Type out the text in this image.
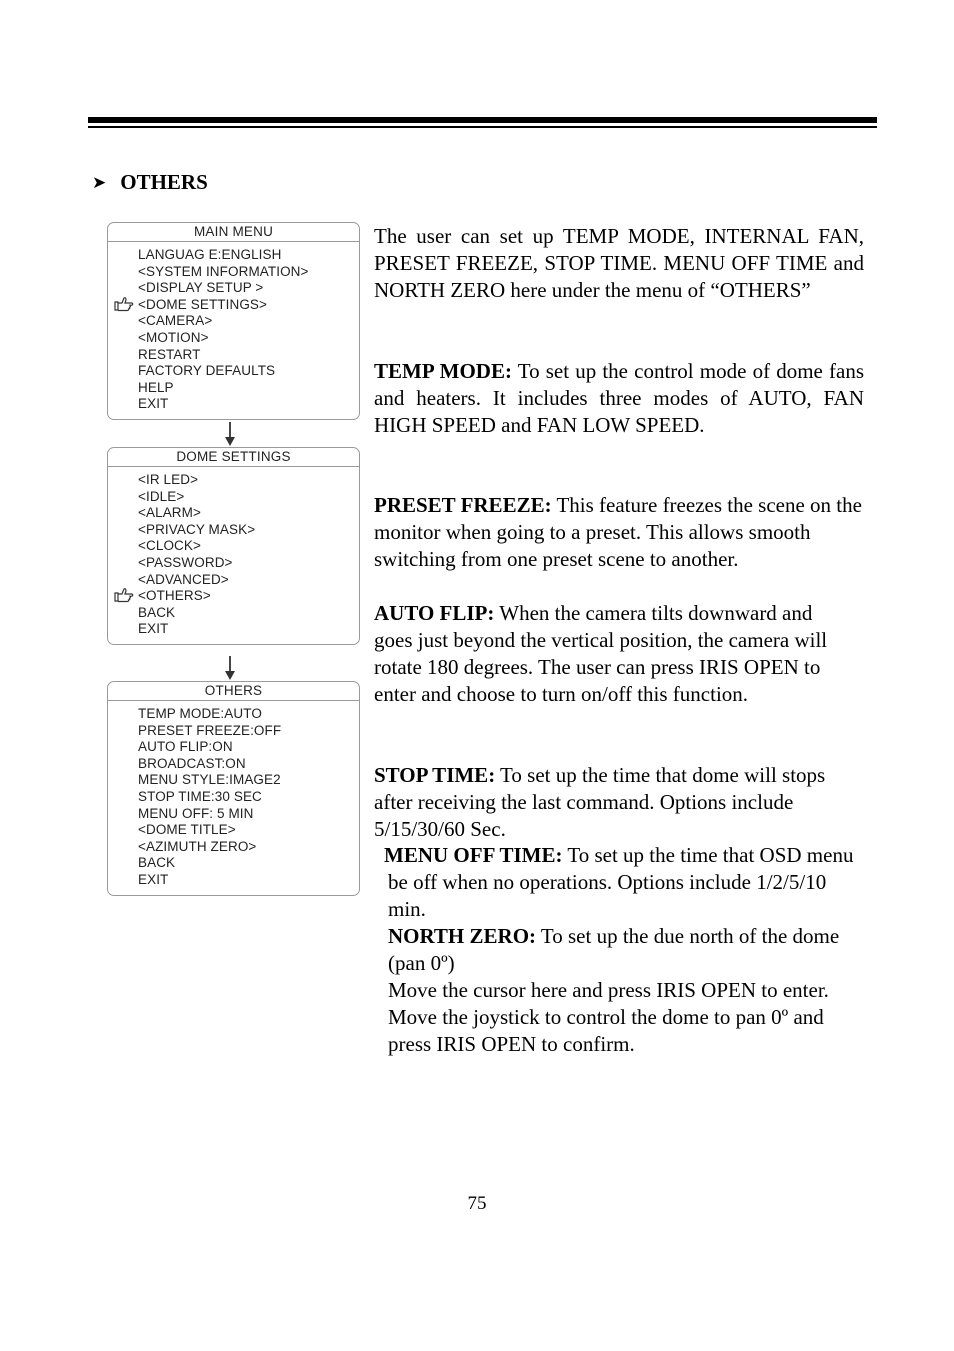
➤ OTHERS
MAIN MENU
LANGUAG E:ENGLISH
<SYSTEM INFORMATION>
<DISPLAY SETUP >
<DOME SETTINGS>
<CAMERA>
<MOTION>
RESTART
FACTORY DEFAULTS
HELP
EXIT
DOME SETTINGS
<IR LED>
<IDLE>
<ALARM>
<PRIVACY MASK>
<CLOCK>
<PASSWORD>
<ADVANCED>
<OTHERS>
BACK
EXIT
OTHERS
TEMP MODE:AUTO
PRESET FREEZE:OFF
AUTO FLIP:ON
BROADCAST:ON
MENU STYLE:IMAGE2
STOP TIME:30 SEC
MENU OFF: 5 MIN
<DOME TITLE>
<AZIMUTH ZERO>
BACK
EXIT

The user can set up TEMP MODE, INTERNAL FAN, PRESET FREEZE, STOP TIME. MENU OFF TIME and NORTH ZERO here under the menu of “OTHERS”

TEMP MODE: To set up the control mode of dome fans and heaters. It includes three modes of AUTO, FAN HIGH SPEED and FAN LOW SPEED.

PRESET FREEZE: This feature freezes the scene on the monitor when going to a preset. This allows smooth switching from one preset scene to another.

AUTO FLIP: When the camera tilts downward and goes just beyond the vertical position, the camera will rotate 180 degrees. The user can press IRIS OPEN to enter and choose to turn on/off this function.

STOP TIME: To set up the time that dome will stops after receiving the last command. Options include 5/15/30/60 Sec.

MENU OFF TIME: To set up the time that OSD menu be off when no operations. Options include 1/2/5/10 min.

NORTH ZERO: To set up the due north of the dome (pan 0º)

Move the cursor here and press IRIS OPEN to enter. Move the joystick to control the dome to pan 0º and press IRIS OPEN to confirm.

75
